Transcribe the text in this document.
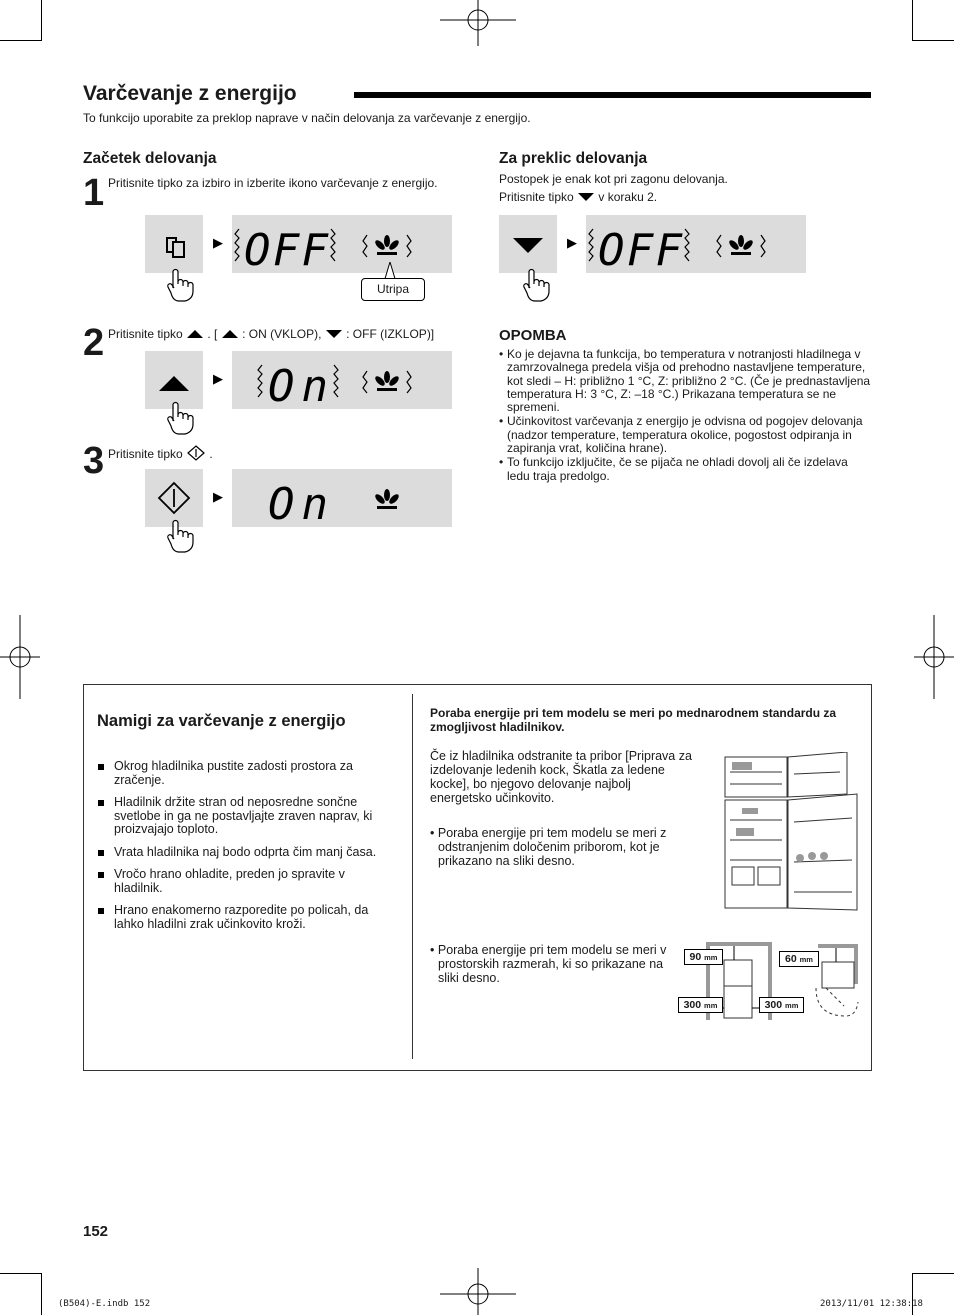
Varčevanje z energijo
To funkcijo uporabite za preklop naprave v način delovanja za varčevanje z energijo.
Začetek delovanja
1 Pritisnite tipko za izbiro in izberite ikono varčevanje z energijo.
▶ OFF
Utripa
2 Pritisnite tipko . [ : ON (VKLOP), : OFF (IZKLOP)]
▶ On
3 Pritisnite tipko .
▶ On
Za preklic delovanja
Postopek je enak kot pri zagonu delovanja.
Pritisnite tipko v koraku 2.
▶ OFF
OPOMBA
• Ko je dejavna ta funkcija, bo temperatura v notranjosti hladilnega v zamrzovalnega predela višja od prehodno nastavljene temperature, kot sledi – H: približno 1 °C, Z: približno 2 °C. (Če je prednastavljena temperatura H: 3 °C, Z: –18 °C.) Prikazana temperatura se ne spremeni.
• Učinkovitost varčevanja z energijo je odvisna od pogojev delovanja (nadzor temperature, temperatura okolice, pogostost odpiranja in zapiranja vrat, količina hrane).
• To funkcijo izključite, če se pijača ne ohladi dovolj ali če izdelava ledu traja predolgo.
Namigi za varčevanje z energijo
Okrog hladilnika pustite zadosti prostora za zračenje.
Hladilnik držite stran od neposredne sončne svetlobe in ga ne postavljajte zraven naprav, ki proizvajajo toploto.
Vrata hladilnika naj bodo odprta čim manj časa.
Vročo hrano ohladite, preden jo spravite v hladilnik.
Hrano enakomerno razporedite po policah, da lahko hladilni zrak učinkovito kroži.
Poraba energije pri tem modelu se meri po mednarodnem standardu za zmogljivost hladilnikov.
Če iz hladilnika odstranite ta pribor [Priprava za izdelovanje ledenih kock, Škatla za ledene kocke], bo njegovo delovanje najbolj energetsko učinkovito.
• Poraba energije pri tem modelu se meri z odstranjenim določenim priborom, kot je prikazano na sliki desno.
• Poraba energije pri tem modelu se meri v prostorskih razmerah, ki so prikazane na sliki desno.
90 mm
300 mm	300 mm
60 mm
152
(B504)-E.indb 152	2013/11/01 12:38:18
